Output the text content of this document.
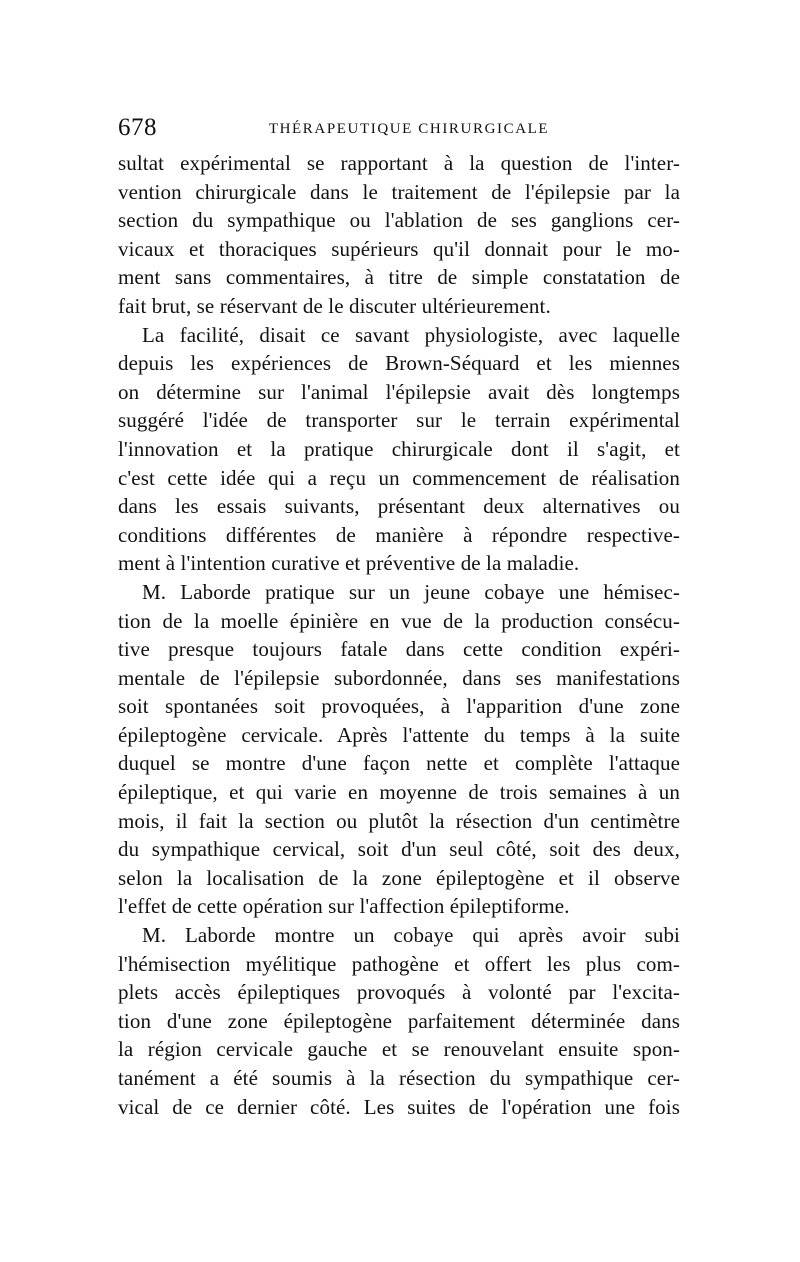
678	THÉRAPEUTIQUE CHIRURGICALE
sultat expérimental se rapportant à la question de l'inter-
vention chirurgicale dans le traitement de l'épilepsie par la
section du sympathique ou l'ablation de ses ganglions cer-
vicaux et thoraciques supérieurs qu'il donnait pour le mo-
ment sans commentaires, à titre de simple constatation de
fait brut, se réservant de le discuter ultérieurement.
La facilité, disait ce savant physiologiste, avec laquelle
depuis les expériences de Brown-Séquard et les miennes
on détermine sur l'animal l'épilepsie avait dès longtemps
suggéré l'idée de transporter sur le terrain expérimental
l'innovation et la pratique chirurgicale dont il s'agit, et
c'est cette idée qui a reçu un commencement de réalisation
dans les essais suivants, présentant deux alternatives ou
conditions différentes de manière à répondre respective-
ment à l'intention curative et préventive de la maladie.
M. Laborde pratique sur un jeune cobaye une hémisec-
tion de la moelle épinière en vue de la production consécu-
tive presque toujours fatale dans cette condition expéri-
mentale de l'épilepsie subordonnée, dans ses manifestations
soit spontanées soit provoquées, à l'apparition d'une zone
épileptogène cervicale. Après l'attente du temps à la suite
duquel se montre d'une façon nette et complète l'attaque
épileptique, et qui varie en moyenne de trois semaines à un
mois, il fait la section ou plutôt la résection d'un centimètre
du sympathique cervical, soit d'un seul côté, soit des deux,
selon la localisation de la zone épileptogène et il observe
l'effet de cette opération sur l'affection épileptiforme.
M. Laborde montre un cobaye qui après avoir subi
l'hémisection myélitique pathogène et offert les plus com-
plets accès épileptiques provoqués à volonté par l'excita-
tion d'une zone épileptogène parfaitement déterminée dans
la région cervicale gauche et se renouvelant ensuite spon-
tanément a été soumis à la résection du sympathique cer-
vical de ce dernier côté. Les suites de l'opération une fois
